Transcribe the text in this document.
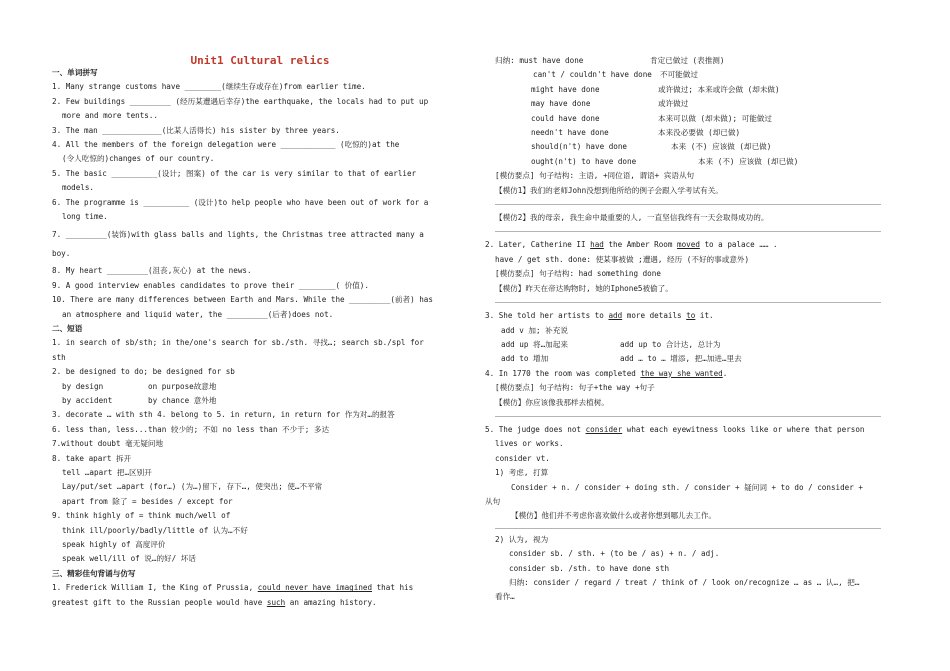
Unit1 Cultural relics
一、单词拼写
1. Many strange customs have ________(继续生存或存在)from earlier time.
2. Few buildings _________ (经历某遭遇后幸存)the earthquake, the locals had to put up
more and more tents..
3. The man _____________(比某人活得长) his sister by three years.
4. All the members of the foreign delegation were ____________ (吃惊的)at the
(令人吃惊的)changes of our country.
5. The basic __________(设计; 图案) of the car is very similar to that of earlier
models.
6. The programme is __________ (设计)to help people who have been out of work for a
long time.
7. _________(装饰)with glass balls and lights, the Christmas tree attracted many a
boy.
8. My heart _________(沮丧,灰心) at the news.
9. A good interview enables candidates to prove their ________( 价值).
10. There are many differences between Earth and Mars. While the _________(前者) has
an atmosphere and liquid water, the _________(后者)does not.
二、短语
1. in search of sb/sth; in the/one's search for sb./sth. 寻找…; search sb./spl for
sth
2. be designed to do; be designed for sb
by design	on purpose故意地
by accident	by chance 意外地
3. decorate … with sth 4. belong to 5. in return, in return for 作为对…的报答
6. less than, less...than 较少的; 不如 no less than 不少于; 多达
7.without doubt 毫无疑问地
8. take apart 拆开
tell …apart 把…区别开
Lay/put/set …apart (for…) (为…)留下, 存下…, 使突出; 使…不平常
apart from 除了 = besides / except for
9. think highly of = think much/well of
think ill/poorly/badly/little of 认为…不好
speak highly of 高度评价
speak well/ill of 说…的好/ 坏话
三、精彩佳句背诵与仿写
1. Frederick William I, the King of Prussia, could never have imagined that his
greatest gift to the Russian people would have such an amazing history.
归纳: must have done	肯定已做过 (表推测)
can't / couldn't have done 不可能做过
might have done	或许做过; 本来或许会做 (却未做)
may have done	或许做过
could have done	本来可以做 (却未做); 可能做过
needn't have done	本来没必要做 (却已做)
should(n't) have done	本来 (不) 应该做 (却已做)
ought(n't) to have done	本来 (不) 应该做 (却已做)
[模仿要点] 句子结构: 主语, +同位语, 谓语+ 宾语从句
【模仿1】我们的老师John没想到他所给的例子会跟入学考试有关。
【模仿2】我的母亲, 我生命中最重要的人, 一直坚信我终有一天会取得成功的。
2. Later, Catherine II had the Amber Room moved to a palace …… .
have / get sth. done: 使某事被做 ;遭遇, 经历 (不好的事或意外)
[模仿要点] 句子结构: had something done
【模仿】昨天在帝达购物时, 她的Iphone5被偷了。
3. She told her artists to add more details to it.
add v 加; 补充说
add up 将…加起来	add up to 合计达, 总计为
add to 增加	add … to … 增添, 把…加进…里去
4. In 1770 the room was completed the way she wanted.
[模仿要点] 句子结构: 句子+the way +句子
【模仿】你应该像我那样去植树。
5. The judge does not consider what each eyewitness looks like or where that person
lives or works.
consider vt.
1) 考虑, 打算
Consider + n. / consider + doing sth. / consider + 疑问词 + to do / consider +
从句
【模仿】他们并不考虑你喜欢做什么或者你想到哪儿去工作。
2) 认为, 视为
consider sb. / sth. + (to be / as) + n. / adj.
consider sb. /sth. to have done sth
归纳: consider / regard / treat / think of / look on/recognize … as … 认…, 把…
看作…
